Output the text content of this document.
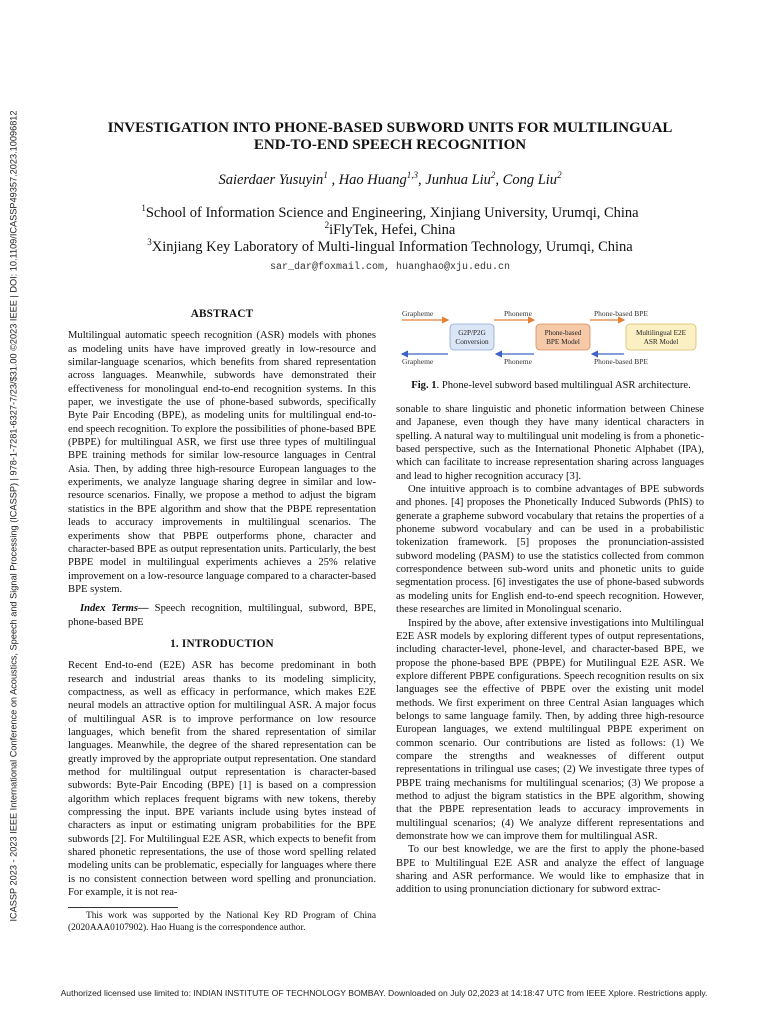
ICASSP 2023 - 2023 IEEE International Conference on Acoustics, Speech and Signal Processing (ICASSP) | 978-1-7281-6327-7/23/$31.00 ©2023 IEEE | DOI: 10.1109/ICASSP49357.2023.10096812	INVESTIGATION INTO PHONE-BASED SUBWORD UNITS FOR MULTILINGUAL
END-TO-END SPEECH RECOGNITION
Saierdaer Yusuyin$^1$ , Hao Huang$^{1,3}$, Junhua Liu$^2$, Cong Liu$^2$
$^1$School of Information Science and Engineering, Xinjiang University, Urumqi, China
$^2$iFlyTek, Hefei, China
$^3$Xinjiang Key Laboratory of Multi-lingual Information Technology, Urumqi, China
sar_dar@foxmail.com, huanghao@xju.edu.cn
ABSTRACT

Multilingual automatic speech recognition (ASR) models with phones as modeling units have have improved greatly in low-resource and similar-language scenarios, which benefits from shared representation across languages. Meanwhile, subwords have demonstrated their effectiveness for monolingual end-to-end recognition systems. In this paper, we investigate the use of phone-based subwords, specifically Byte Pair Encoding (BPE), as modeling units for multilingual end-to-end speech recognition. To explore the possibilities of phone-based BPE (PBPE) for multilingual ASR, we first use three types of multilingual BPE training methods for similar low-resource languages in Central Asia. Then, by adding three high-resource European languages to the experiments, we analyze language sharing degree in similar and low-resource scenarios. Finally, we propose a method to adjust the bigram statistics in the BPE algorithm and show that the PBPE representation leads to accuracy improvements in multilingual scenarios. The experiments show that PBPE outperforms phone, character and character-based BPE as output representation units. Particularly, the best PBPE model in multilingual experiments achieves a 25% relative improvement on a low-resource language compared to a character-based BPE system.

Index Terms— Speech recognition, multilingual, subword, BPE, phone-based BPE

1. INTRODUCTION

Recent End-to-end (E2E) ASR has become predominant in both research and industrial areas thanks to its modeling simplicity, compactness, as well as efficacy in performance, which makes E2E neural models an attractive option for multilingual ASR. A major focus of multilingual ASR is to improve performance on low resource languages, which benefit from the shared representation of similar languages. Meanwhile, the degree of the shared representation can be greatly improved by the appropriate output representation. One standard method for multilingual output representation is character-based subwords: Byte-Pair Encoding (BPE) [1] is based on a compression algorithm which replaces frequent bigrams with new tokens, thereby compressing the input. BPE variants include using bytes instead of characters as input or estimating unigram probabilities for the BPE subwords [2]. For Multilingual E2E ASR, which expects to benefit from shared phonetic representations, the use of those word spelling related modeling units can be problematic, especially for languages where there is no consistent connection between word spelling and pronunciation. For example, it is not rea-

This work was supported by the National Key RD Program of China (2020AAA0107902). Hao Huang is the correspondence author.

Grapheme	Phoneme	Phone-based BPE
G2P/P2G
Conversion
Phone-based
BPE Model
Multilingual E2E
ASR Model
Grapheme	Phoneme	Phone-based BPE
Fig. 1. Phone-level subword based multilingual ASR architecture.

sonable to share linguistic and phonetic information between Chinese and Japanese, even though they have many identical characters in spelling. A natural way to multilingual unit modeling is from a phonetic-based perspective, such as the International Phonetic Alphabet (IPA), which can facilitate to increase representation sharing across languages and lead to higher recognition accuracy [3].

One intuitive approach is to combine advantages of BPE subwords and phones. [4] proposes the Phonetically Induced Subwords (PhIS) to generate a grapheme subword vocabulary that retains the properties of a phoneme subword vocabulary and can be used in a probabilistic tokenization framework. [5] proposes the pronunciation-assisted subword modeling (PASM) to use the statistics collected from common correspondence between sub-word units and phonetic units to guide segmentation process. [6] investigates the use of phone-based subwords as modeling units for English end-to-end speech recognition. However, these researches are limited in Monolingual scenario.

Inspired by the above, after extensive investigations into Multilingual E2E ASR models by exploring different types of output representations, including character-level, phone-level, and character-based BPE, we propose the phone-based BPE (PBPE) for Mutilingual E2E ASR. We explore different PBPE configurations. Speech recognition results on six languages see the effective of PBPE over the existing unit model methods. We first experiment on three Central Asian languages which belongs to same language family. Then, by adding three high-resource European languages, we extend multilingual PBPE experiment on common scenario. Our contributions are listed as follows: (1) We compare the strengths and weaknesses of different output representations in trilingual use cases; (2) We investigate three types of PBPE traing mechanisms for multilingual scenarios; (3) We propose a method to adjust the bigram statistics in the BPE algorithm, showing that the PBPE representation leads to accuracy improvements in multilingual scenarios; (4) We analyze different representations and demonstrate how we can improve them for multilingual ASR.

To our best knowledge, we are the first to apply the phone-based BPE to Multilingual E2E ASR and analyze the effect of language sharing and ASR performance. We would like to emphasize that in addition to using pronunciation dictionary for subword extrac-

Authorized licensed use limited to: INDIAN INSTITUTE OF TECHNOLOGY BOMBAY. Downloaded on July 02,2023 at 14:18:47 UTC from IEEE Xplore. Restrictions apply.
